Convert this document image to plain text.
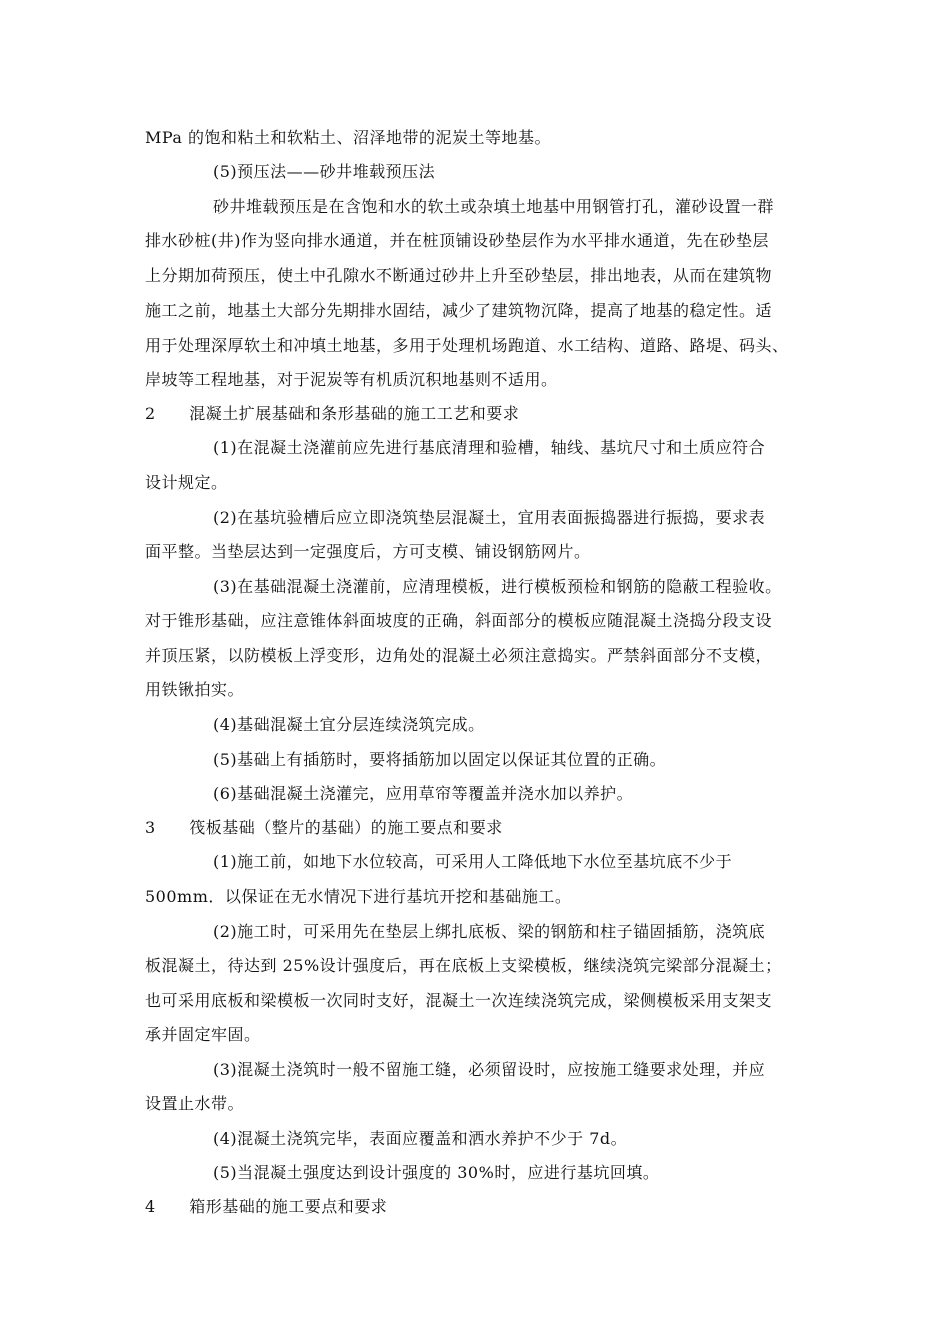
MPa 的饱和粘土和软粘土、沼泽地带的泥炭土等地基。
(5)预压法——砂井堆载预压法
砂井堆载预压是在含饱和水的软土或杂填土地基中用钢管打孔，灌砂设置一群
排水砂桩(井)作为竖向排水通道，并在桩顶铺设砂垫层作为水平排水通道，先在砂垫层
上分期加荷预压，使土中孔隙水不断通过砂井上升至砂垫层，排出地表，从而在建筑物
施工之前，地基土大部分先期排水固结，减少了建筑物沉降，提高了地基的稳定性。适
用于处理深厚软土和冲填土地基，多用于处理机场跑道、水工结构、道路、路堤、码头、
岸坡等工程地基，对于泥炭等有机质沉积地基则不适用。
2      混凝土扩展基础和条形基础的施工工艺和要求
(1)在混凝土浇灌前应先进行基底清理和验槽，轴线、基坑尺寸和土质应符合
设计规定。
(2)在基坑验槽后应立即浇筑垫层混凝土，宜用表面振捣器进行振捣，要求表
面平整。当垫层达到一定强度后，方可支模、铺设钢筋网片。
(3)在基础混凝土浇灌前，应清理模板，进行模板预检和钢筋的隐蔽工程验收。
对于锥形基础，应注意锥体斜面坡度的正确，斜面部分的模板应随混凝土浇捣分段支设
并顶压紧，以防模板上浮变形，边角处的混凝土必须注意捣实。严禁斜面部分不支模，
用铁锹拍实。
(4)基础混凝土宜分层连续浇筑完成。
(5)基础上有插筋时，要将插筋加以固定以保证其位置的正确。
(6)基础混凝土浇灌完，应用草帘等覆盖并浇水加以养护。
3      筏板基础（整片的基础）的施工要点和要求
(1)施工前，如地下水位较高，可采用人工降低地下水位至基坑底不少于
500mm．以保证在无水情况下进行基坑开挖和基础施工。
(2)施工时，可采用先在垫层上绑扎底板、梁的钢筋和柱子锚固插筋，浇筑底
板混凝土，待达到 25%设计强度后，再在底板上支梁模板，继续浇筑完梁部分混凝土；
也可采用底板和梁模板一次同时支好，混凝土一次连续浇筑完成，梁侧模板采用支架支
承并固定牢固。
(3)混凝土浇筑时一般不留施工缝，必须留设时，应按施工缝要求处理，并应
设置止水带。
(4)混凝土浇筑完毕，表面应覆盖和洒水养护不少于 7d。
(5)当混凝土强度达到设计强度的 30%时，应进行基坑回填。
4      箱形基础的施工要点和要求
